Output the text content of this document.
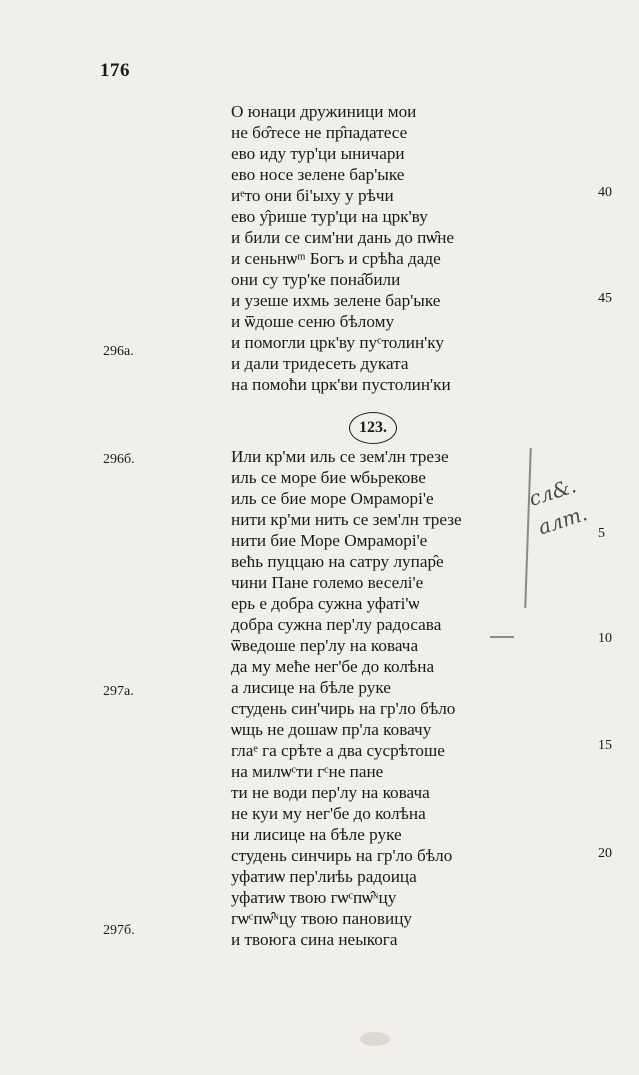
176
О юнаци дружиници мои
не бо̂тесе не пр̂падатесе
ево иду тур'ци ыничари
ево носе зелене бар'ыке
иᵉто они бі'ыху у рѣчи
ево у̂рише тур'ци на црк'ву
и били се сим'ни дань до пѡ̂не
и сеньнѡᵐ Богъ и срѣћа даде
они су тур'ке пона̂били
и узеше ихмь зелене бар'ыке
и ѿдоше сеню бѣлому
и помогли црк'ву пуᶜтолин'ку
и дали тридесеть дуката
на помоћи црк'ви пустолин'ки
Или кр'ми иль се зем'лн трезе
иль се море бие ѡбьрекове
иль се бие море Омраморі'е
нити кр'ми нить се зем'лн трезе
нити бие Море Омраморі'е
већь пуццаю на сатру лупар̂е
чини Пане големо веселі'е
ерь е добра сужна уфаті'ѡ
добра сужна пер'лу радосава
ѿведоше пер'лу на ковача
да му мeће нег'бе до колѣна
а лисице на бѣле руке
студень син'чирь на гр'ло бѣло
ѡщь не дошаѡ пр'ла ковачу
глаᵉ га срѣте а два сусрѣтоше
на милѡᶜти гᶜне пане
ти не води пер'лу на ковача
не куи му нег'бе до колѣна
ни лисице на бѣле руке
студень синчирь на гр'ло бѣло
уфатиѡ пер'лиѣь радоица
уфатиѡ твою гѡᶜпѡ̂ᶰцу
гѡᶜпѡ̂ᶰцу твою пановицу
и твоюга сина неыкога
123.
40
45
5
10
15
20
296а.
296б.
297а.
297б.
сл&.
алт.
